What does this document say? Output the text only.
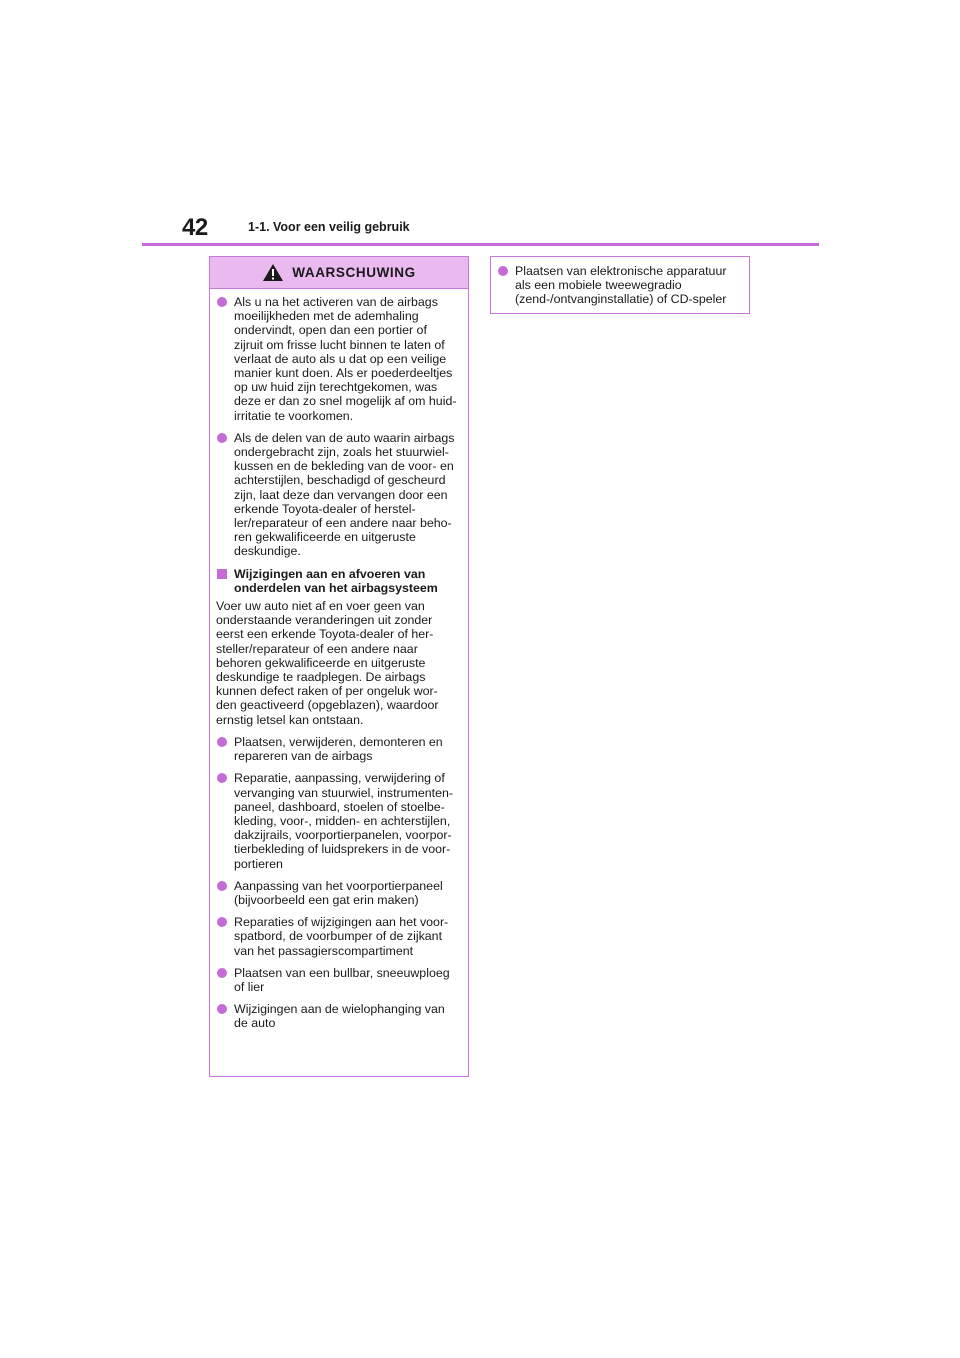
42	1-1. Voor een veilig gebruik
WAARSCHUWING
Als u na het activeren van de airbags
moeilijkheden met de ademhaling
ondervindt, open dan een portier of
zijruit om frisse lucht binnen te laten of
verlaat de auto als u dat op een veilige
manier kunt doen. Als er poederdeeltjes
op uw huid zijn terechtgekomen, was
deze er dan zo snel mogelijk af om huid-
irritatie te voorkomen.
Als de delen van de auto waarin airbags
ondergebracht zijn, zoals het stuurwiel-
kussen en de bekleding van de voor- en
achterstijlen, beschadigd of gescheurd
zijn, laat deze dan vervangen door een
erkende Toyota-dealer of herstel-
ler/reparateur of een andere naar beho-
ren gekwalificeerde en uitgeruste
deskundige.
Wijzigingen aan en afvoeren van
onderdelen van het airbagsysteem
Voer uw auto niet af en voer geen van
onderstaande veranderingen uit zonder
eerst een erkende Toyota-dealer of her-
steller/reparateur of een andere naar
behoren gekwalificeerde en uitgeruste
deskundige te raadplegen. De airbags
kunnen defect raken of per ongeluk wor-
den geactiveerd (opgeblazen), waardoor
ernstig letsel kan ontstaan.
Plaatsen, verwijderen, demonteren en
repareren van de airbags
Reparatie, aanpassing, verwijdering of
vervanging van stuurwiel, instrumenten-
paneel, dashboard, stoelen of stoelbe-
kleding, voor-, midden- en achterstijlen,
dakzijrails, voorportierpanelen, voorpor-
tierbekleding of luidsprekers in de voor-
portieren
Aanpassing van het voorportierpaneel
(bijvoorbeeld een gat erin maken)
Reparaties of wijzigingen aan het voor-
spatbord, de voorbumper of de zijkant
van het passagierscompartiment
Plaatsen van een bullbar, sneeuwploeg
of lier
Wijzigingen aan de wielophanging van
de auto
Plaatsen van elektronische apparatuur
als een mobiele tweewegradio
(zend-/ontvanginstallatie) of CD-speler
